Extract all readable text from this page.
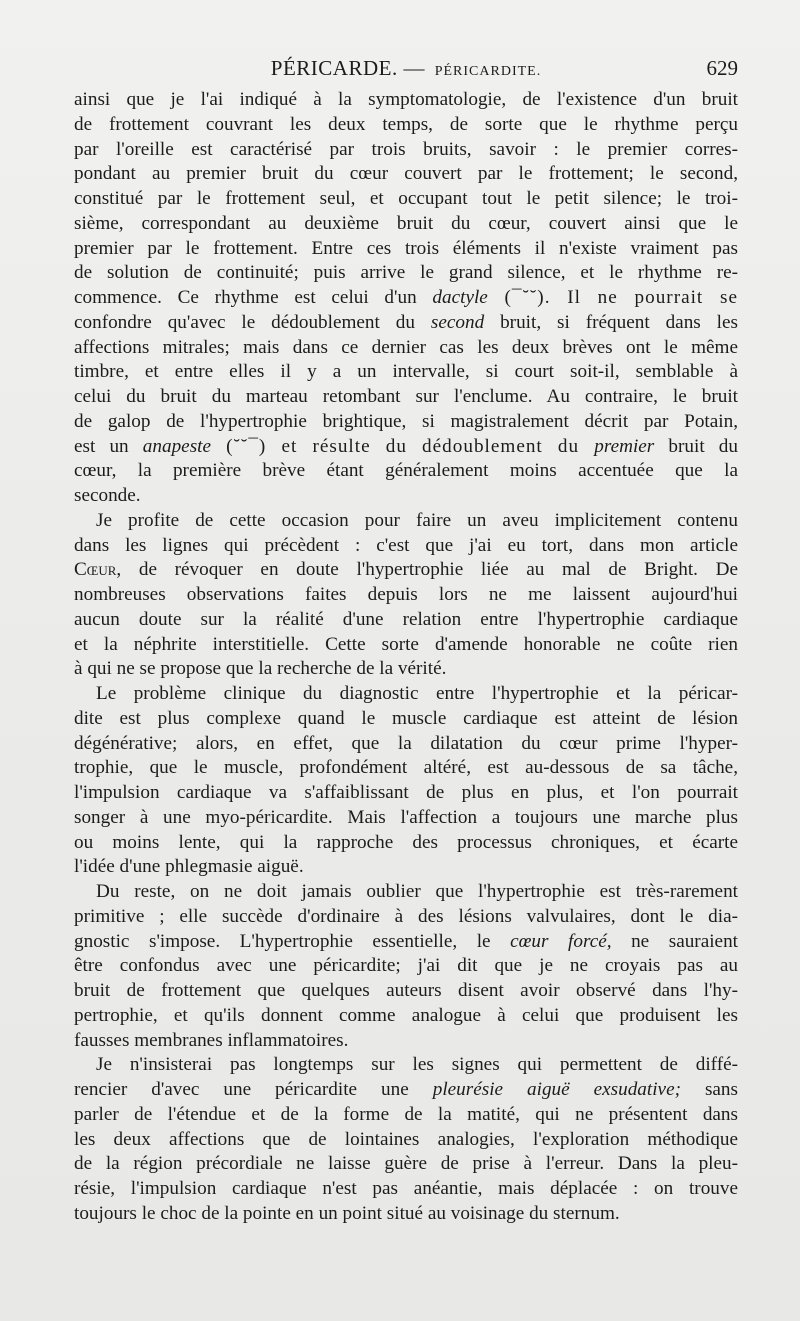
PÉRICARDE. — PÉRICARDITE.	629

ainsi que je l'ai indiqué à la symptomatologie, de l'existence d'un bruit
de frottement couvrant les deux temps, de sorte que le rhythme perçu
par l'oreille est caractérisé par trois bruits, savoir : le premier corres-
pondant au premier bruit du cœur couvert par le frottement; le second,
constitué par le frottement seul, et occupant tout le petit silence; le troi-
sième, correspondant au deuxième bruit du cœur, couvert ainsi que le
premier par le frottement. Entre ces trois éléments il n'existe vraiment pas
de solution de continuité; puis arrive le grand silence, et le rhythme re-
commence. Ce rhythme est celui d'un dactyle (¯˘˘). Il ne pourrait se
confondre qu'avec le dédoublement du second bruit, si fréquent dans les
affections mitrales; mais dans ce dernier cas les deux brèves ont le même
timbre, et entre elles il y a un intervalle, si court soit-il, semblable à
celui du bruit du marteau retombant sur l'enclume. Au contraire, le bruit
de galop de l'hypertrophie brightique, si magistralement décrit par Potain,
est un anapeste (˘˘¯) et résulte du dédoublement du premier bruit du
cœur, la première brève étant généralement moins accentuée que la
seconde.

Je profite de cette occasion pour faire un aveu implicitement contenu
dans les lignes qui précèdent : c'est que j'ai eu tort, dans mon article
Cœur, de révoquer en doute l'hypertrophie liée au mal de Bright. De
nombreuses observations faites depuis lors ne me laissent aujourd'hui
aucun doute sur la réalité d'une relation entre l'hypertrophie cardiaque
et la néphrite interstitielle. Cette sorte d'amende honorable ne coûte rien
à qui ne se propose que la recherche de la vérité.

Le problème clinique du diagnostic entre l'hypertrophie et la péricar-
dite est plus complexe quand le muscle cardiaque est atteint de lésion
dégénérative; alors, en effet, que la dilatation du cœur prime l'hyper-
trophie, que le muscle, profondément altéré, est au-dessous de sa tâche,
l'impulsion cardiaque va s'affaiblissant de plus en plus, et l'on pourrait
songer à une myo-péricardite. Mais l'affection a toujours une marche plus
ou moins lente, qui la rapproche des processus chroniques, et écarte
l'idée d'une phlegmasie aiguë.

Du reste, on ne doit jamais oublier que l'hypertrophie est très-rarement
primitive ; elle succède d'ordinaire à des lésions valvulaires, dont le dia-
gnostic s'impose. L'hypertrophie essentielle, le cœur forcé, ne sauraient
être confondus avec une péricardite; j'ai dit que je ne croyais pas au
bruit de frottement que quelques auteurs disent avoir observé dans l'hy-
pertrophie, et qu'ils donnent comme analogue à celui que produisent les
fausses membranes inflammatoires.

Je n'insisterai pas longtemps sur les signes qui permettent de diffé-
rencier d'avec une péricardite une pleurésie aiguë exsudative; sans
parler de l'étendue et de la forme de la matité, qui ne présentent dans
les deux affections que de lointaines analogies, l'exploration méthodique
de la région précordiale ne laisse guère de prise à l'erreur. Dans la pleu-
résie, l'impulsion cardiaque n'est pas anéantie, mais déplacée : on trouve
toujours le choc de la pointe en un point situé au voisinage du sternum.
